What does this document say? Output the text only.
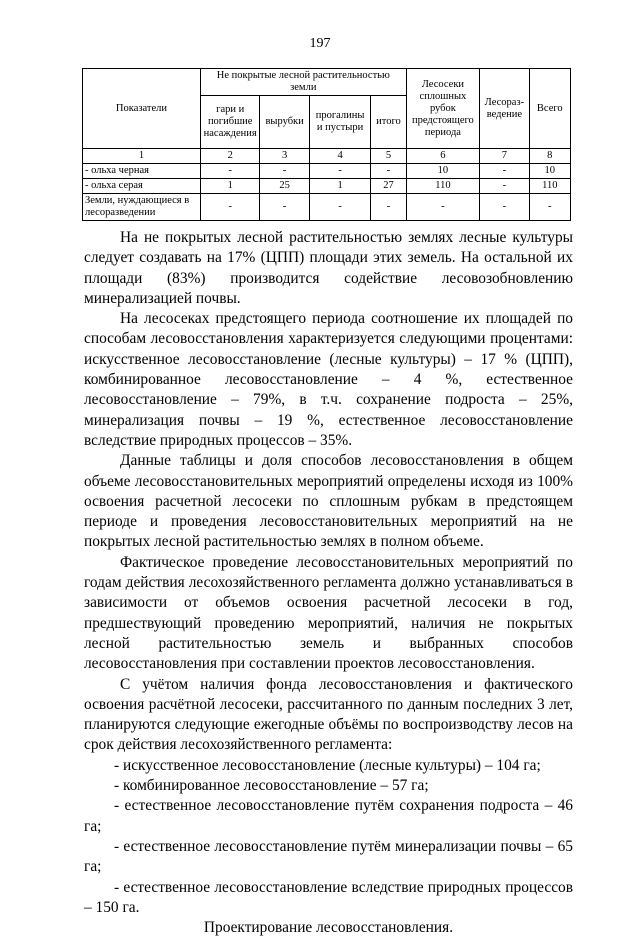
197
Показатели	Не покрытые лесной растительностью земли				Лесосеки сплошных рубок предстоящего периода	Лесораз-ведение	Всего
	гари и погибшие насаждения	вырубки	прогалины и пустыри	итого			
1	2	3	4	5	6	7	8
- ольха черная	-	-	-	-	10	-	10
- ольха серая	1	25	1	27	110	-	110
Земли, нуждающиеся в лесоразведении	-	-	-	-	-	-	-

На не покрытых лесной растительностью землях лесные культуры следует создавать на 17% (ЦПП) площади этих земель. На остальной их площади (83%) производится содействие лесовозобновлению минерализацией почвы.

На лесосеках предстоящего периода соотношение их площадей по способам лесовосстановления характеризуется следующими процентами: искусственное лесовосстановление (лесные культуры) – 17 % (ЦПП), комбинированное лесовосстановление – 4 %, естественное лесовосстановление – 79%, в т.ч. сохранение подроста – 25%, минерализация почвы – 19 %, естественное лесовосстановление вследствие природных процессов – 35%.

Данные таблицы и доля способов лесовосстановления в общем объеме лесовосстановительных мероприятий определены исходя из 100% освоения расчетной лесосеки по сплошным рубкам в предстоящем периоде и проведения лесовосстановительных мероприятий на не покрытых лесной растительностью землях в полном объеме.

Фактическое проведение лесовосстановительных мероприятий по годам действия лесохозяйственного регламента должно устанавливаться в зависимости от объемов освоения расчетной лесосеки в год, предшествующий проведению мероприятий, наличия не покрытых лесной растительностью земель и выбранных способов лесовосстановления при составлении проектов лесовосстановления.

С учётом наличия фонда лесовосстановления и фактического освоения расчётной лесосеки, рассчитанного по данным последних 3 лет, планируются следующие ежегодные объёмы по воспроизводству лесов на срок действия лесохозяйственного регламента:

- искусственное лесовосстановление (лесные культуры) – 104 га;
- комбинированное лесовосстановление – 57 га;
- естественное лесовосстановление путём сохранения подроста – 46 га;
- естественное лесовосстановление путём минерализации почвы – 65 га;
- естественное лесовосстановление вследствие природных процессов – 150 га.

Проектирование лесовосстановления.
